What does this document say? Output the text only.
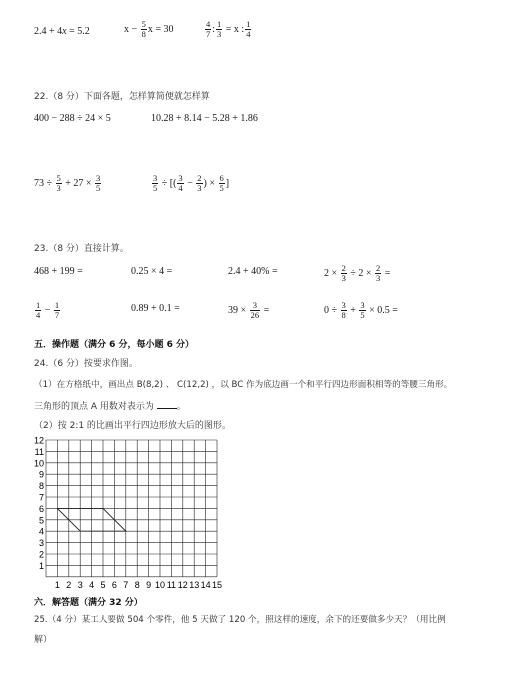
2.4 + 4x = 5.2	$x - \frac{5}{8}$ x = 30	$\frac{4}{7}$ : $\frac{1}{3} = x$ : $\frac{1}{4}$
22.（8 分）下面各题，怎样算简便就怎样算
400 − 288 ÷ 24 × 5	10.28 + 8.14 − 5.28 + 1.86
$73 \div \frac{5}{3} + 27 \times \frac{3}{5}$	$\frac{3}{5}$ ÷ [( $\frac{3}{4} - \frac{2}{3}$ ) × $\frac{6}{5}$ ]
23.（8 分）直接计算。
468 + 199 =	0.25 × 4 =	2.4 + 40% =	$2 \times \frac{2}{3} \div 2 \times \frac{2}{3}$ =
$\frac{1}{4} - \frac{1}{7}$	0.89 + 0.1 =	$39 \times \frac{3}{26}$ =	$0 \div \frac{3}{8} + \frac{3}{5} \times 0.5$ =
五．操作题（满分 6 分，每小题 6 分）
24.（6 分）按要求作图。
（1）在方格纸中，画出点 B(8,2) 、 C(12,2) ，以 BC 作为底边画一个和平行四边形面积相等的等腰三角形。
三角形的顶点 A 用数对表示为 。
（2）按 2:1 的比画出平行四边形放大后的图形。
12
11
10
9
8
7
6
5
4
3
2
1
1 2 3 4 5 6 7 8 9 10 11 12 13 14 15
六．解答题（满分 32 分）
25.（4 分）某工人要做 504 个零件，他 5 天做了 120 个，照这样的速度，余下的还要做多少天？（用比例
解）
